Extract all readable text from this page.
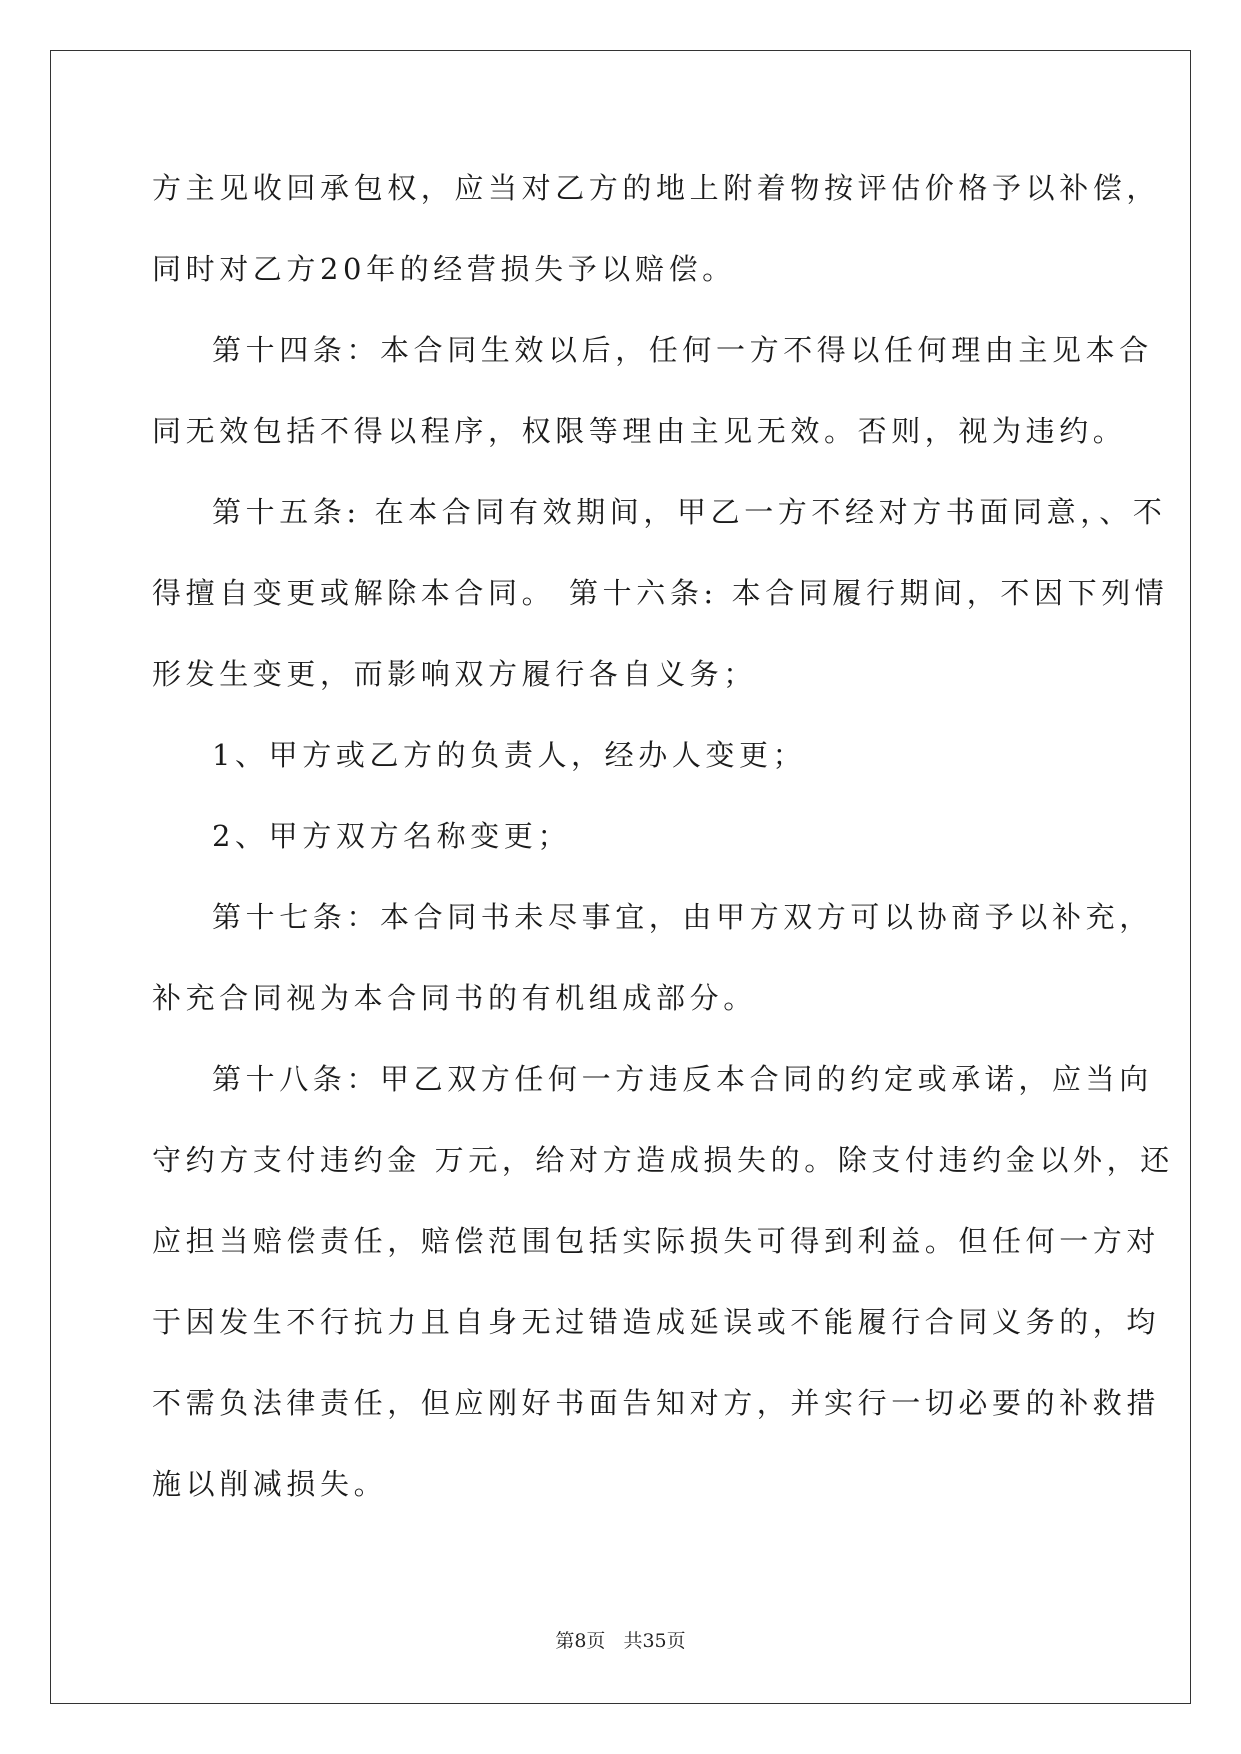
方主见收回承包权，应当对乙方的地上附着物按评估价格予以补偿，
同时对乙方20年的经营损失予以赔偿。
第十四条：本合同生效以后，任何一方不得以任何理由主见本合
同无效包括不得以程序，权限等理由主见无效。否则，视为违约。
第十五条: 在本合同有效期间，甲乙一方不经对方书面同意，、不
得擅自变更或解除本合同。 第十六条: 本合同履行期间，不因下列情
形发生变更，而影响双方履行各自义务；
1、甲方或乙方的负责人，经办人变更；
2、甲方双方名称变更；
第十七条：本合同书未尽事宜，由甲方双方可以协商予以补充，
补充合同视为本合同书的有机组成部分。
第十八条：甲乙双方任何一方违反本合同的约定或承诺，应当向
守约方支付违约金 万元，给对方造成损失的。除支付违约金以外，还
应担当赔偿责任，赔偿范围包括实际损失可得到利益。但任何一方对
于因发生不行抗力且自身无过错造成延误或不能履行合同义务的，均
不需负法律责任，但应刚好书面告知对方，并实行一切必要的补救措
施以削减损失。
第8页 共35页
